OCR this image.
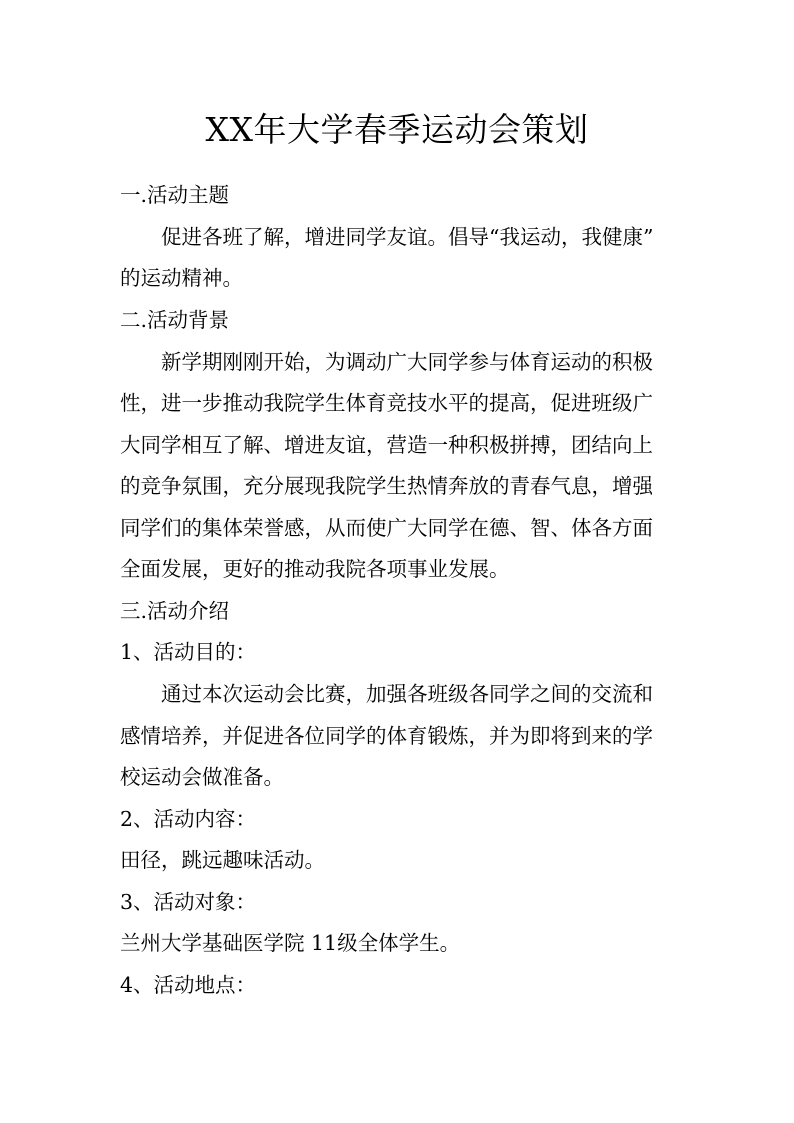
XX年大学春季运动会策划
一.活动主题
促进各班了解，增进同学友谊。倡导“我运动，我健康”
的运动精神。
二.活动背景
新学期刚刚开始，为调动广大同学参与体育运动的积极
性，进一步推动我院学生体育竞技水平的提高，促进班级广
大同学相互了解、增进友谊，营造一种积极拼搏，团结向上
的竞争氛围，充分展现我院学生热情奔放的青春气息，增强
同学们的集体荣誉感，从而使广大同学在德、智、体各方面
全面发展，更好的推动我院各项事业发展。
三.活动介绍
1、活动目的：
通过本次运动会比赛，加强各班级各同学之间的交流和
感情培养，并促进各位同学的体育锻炼，并为即将到来的学
校运动会做准备。
2、活动内容：
田径，跳远趣味活动。
3、活动对象：
兰州大学基础医学院 11级全体学生。
4、活动地点：
